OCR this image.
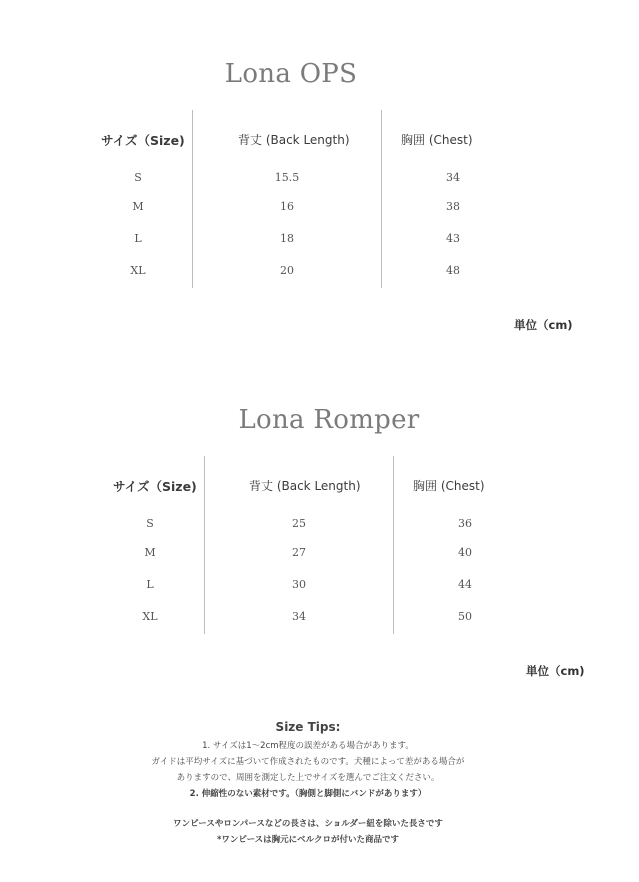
Lona OPS
サイズ（Size)	背丈 (Back Length)	胸囲 (Chest)
S	15.5	34
M	16	38
L	18	43
XL	20	48
単位（cm)
Lona Romper
サイズ（Size)	背丈 (Back Length)	胸囲 (Chest)
S	25	36
M	27	40
L	30	44
XL	34	50
単位（cm)
Size Tips:
1. サイズは1〜2cm程度の誤差がある場合があります。
ガイドは平均サイズに基づいて作成されたものです。犬種によって差がある場合が
ありますので、周囲を測定した上でサイズを選んでご注文ください。
2. 伸縮性のない素材です。（胸側と脚側にバンドがあります）
ワンピースやロンパースなどの長さは、ショルダー紐を除いた長さです
*ワンピースは胸元にベルクロが付いた商品です
